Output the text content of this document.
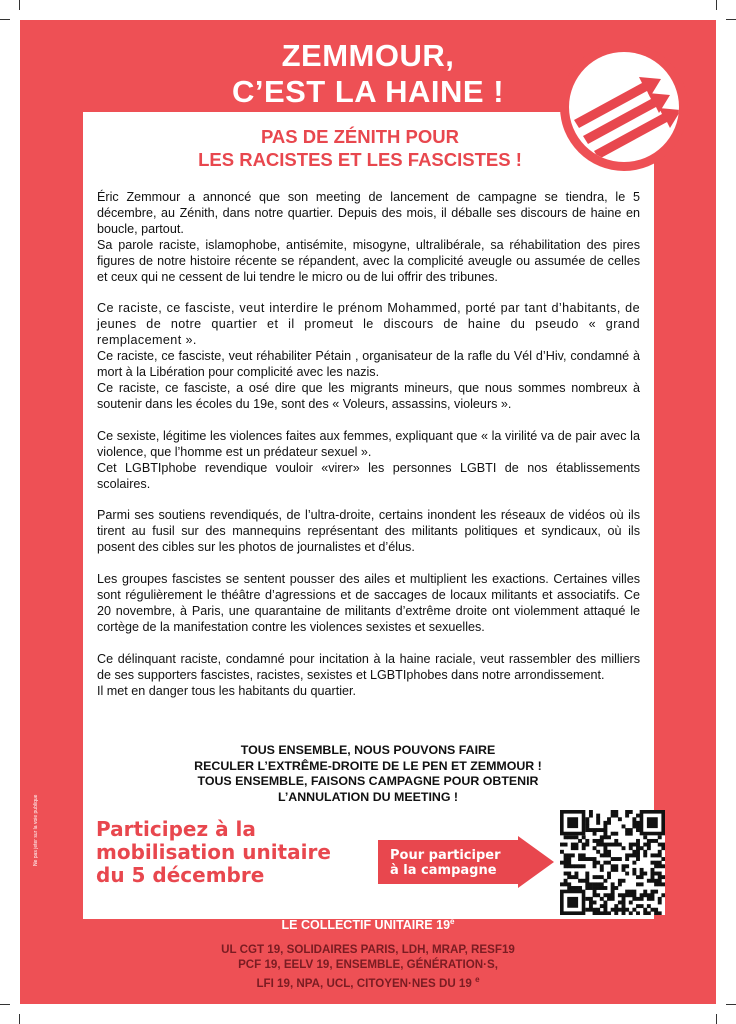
ZEMMOUR,
C’EST LA HAINE !
PAS DE ZÉNITH POUR
LES RACISTES ET LES FASCISTES !

Éric Zemmour a annoncé que son meeting de lancement de campagne se tiendra, le 5 décembre, au Zénith, dans notre quartier. Depuis des mois, il déballe ses discours de haine en boucle, partout.

Sa parole raciste, islamophobe, antisémite, misogyne, ultralibérale, sa réhabilitation des pires figures de notre histoire récente se répandent, avec la complicité aveugle ou assumée de celles et ceux qui ne cessent de lui tendre le micro ou de lui offrir des tribunes.

Ce raciste, ce fasciste, veut interdire le prénom Mohammed, porté par tant d’habitants, de jeunes de notre quartier et il promeut le discours de haine du pseudo « grand remplacement ».

Ce raciste, ce fasciste, veut réhabiliter Pétain , organisateur de la rafle du Vél d’Hiv, condamné à mort à la Libération pour complicité avec les nazis.

Ce raciste, ce fasciste, a osé dire que les migrants mineurs, que nous sommes nombreux à soutenir dans les écoles du 19e, sont des « Voleurs, assassins, violeurs ».

Ce sexiste, légitime les violences faites aux femmes, expliquant que « la virilité va de pair avec la violence, que l’homme est un prédateur sexuel ».

Cet LGBTIphobe revendique vouloir «virer» les personnes LGBTI de nos établissements scolaires.

Parmi ses soutiens revendiqués, de l’ultra-droite, certains inondent les réseaux de vidéos où ils tirent au fusil sur des mannequins représentant des militants politiques et syndicaux, où ils posent des cibles sur les photos de journalistes et d’élus.

Les groupes fascistes se sentent pousser des ailes et multiplient les exactions. Certaines villes sont régulièrement le théâtre d’agressions et de saccages de locaux militants et associatifs. Ce 20 novembre, à Paris, une quarantaine de militants d’extrême droite ont violemment attaqué le cortège de la manifestation contre les violences sexistes et sexuelles.

Ce délinquant raciste, condamné pour incitation à la haine raciale, veut rassembler des milliers de ses supporters fascistes, racistes, sexistes et LGBTIphobes dans notre arrondissement.

Il met en danger tous les habitants du quartier.

TOUS ENSEMBLE, NOUS POUVONS FAIRE
RECULER L’EXTRÊME-DROITE DE LE PEN ET ZEMMOUR !
TOUS ENSEMBLE, FAISONS CAMPAGNE POUR OBTENIR
L’ANNULATION DU MEETING !
Participez à la
mobilisation unitaire
du 5 décembre
Pour participer
à la campagne
LE COLLECTIF UNITAIRE 19e
UL CGT 19, SOLIDAIRES PARIS, LDH, MRAP, RESF19
PCF 19, EELV 19, ENSEMBLE, GÉNÉRATION·S,
LFI 19, NPA, UCL, CITOYEN·NES DU 19 $^e$
Ne pas jeter sur la voie publique
